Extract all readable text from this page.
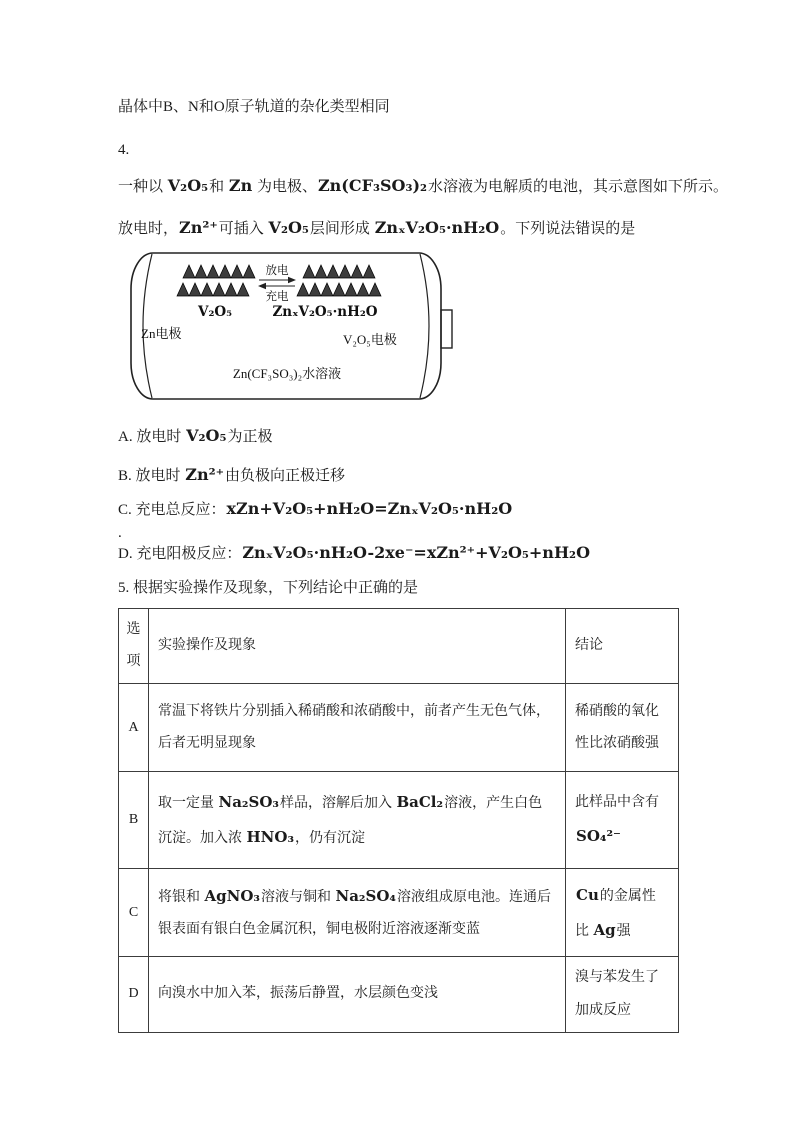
晶体中B、N和O原子轨道的杂化类型相同
4.
一种以 V₂O₅和 Zn 为电极、Zn(CF₃SO₃)₂水溶液为电解质的电池，其示意图如下所示。
放电时，Zn²⁺可插入 V₂O₅层间形成 ZnₓV₂O₅·nH₂O。下列说法错误的是
放电
充电
V₂O₅	ZnₓV₂O₅·nH₂O
Zn电极	V₂O₅电极
Zn(CF₃SO₃)₂水溶液
A. 放电时 V₂O₅为正极
B. 放电时 Zn²⁺由负极向正极迁移
C. 充电总反应：xZn+V₂O₅+nH₂O=ZnₓV₂O₅·nH₂O
.
D. 充电阳极反应：ZnₓV₂O₅·nH₂O-2xe⁻=xZn²⁺+V₂O₅+nH₂O
5. 根据实验操作及现象，下列结论中正确的是
选项	实验操作及现象	结论
A	常温下将铁片分别插入稀硝酸和浓硝酸中，前者产生无色气体，后者无明显现象	稀硝酸的氧化性比浓硝酸强
B	取一定量 Na₂SO₃样品，溶解后加入 BaCl₂溶液，产生白色沉淀。加入浓 HNO₃，仍有沉淀	此样品中含有 SO₄²⁻
C	将银和 AgNO₃溶液与铜和 Na₂SO₄溶液组成原电池。连通后银表面有银白色金属沉积，铜电极附近溶液逐渐变蓝	Cu的金属性比 Ag强
D	向溴水中加入苯，振荡后静置，水层颜色变浅	溴与苯发生了加成反应
